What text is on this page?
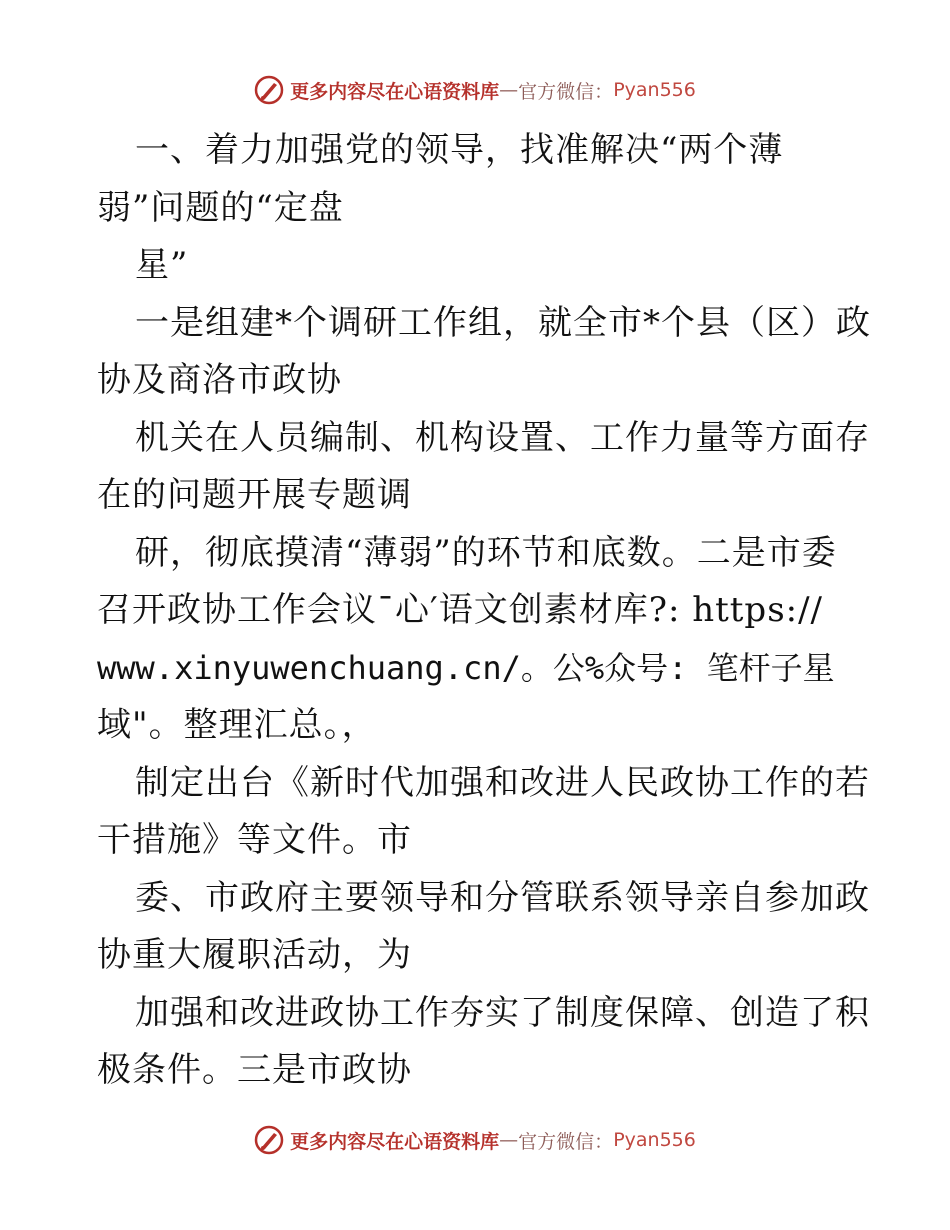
更多内容尽在心语资料库 — 官方微信： Pyan556
一、着力加强党的领导，找准解决“两个薄
弱”问题的“定盘
星”
一是组建*个调研工作组，就全市*个县（区）政
协及商洛市政协
机关在人员编制、机构设置、工作力量等方面存
在的问题开展专题调
研，彻底摸清“薄弱”的环节和底数。二是市委
召开政协工作会议¯心′语文创素材库?: https://
www.xinyuwenchuang.cn/。公%众号: 笔杆子星
域"。整理汇总。，
制定出台《新时代加强和改进人民政协工作的若
干措施》等文件。市
委、市政府主要领导和分管联系领导亲自参加政
协重大履职活动，为
加强和改进政协工作夯实了制度保障、创造了积
极条件。三是市政协
更多内容尽在心语资料库 — 官方微信： Pyan556
